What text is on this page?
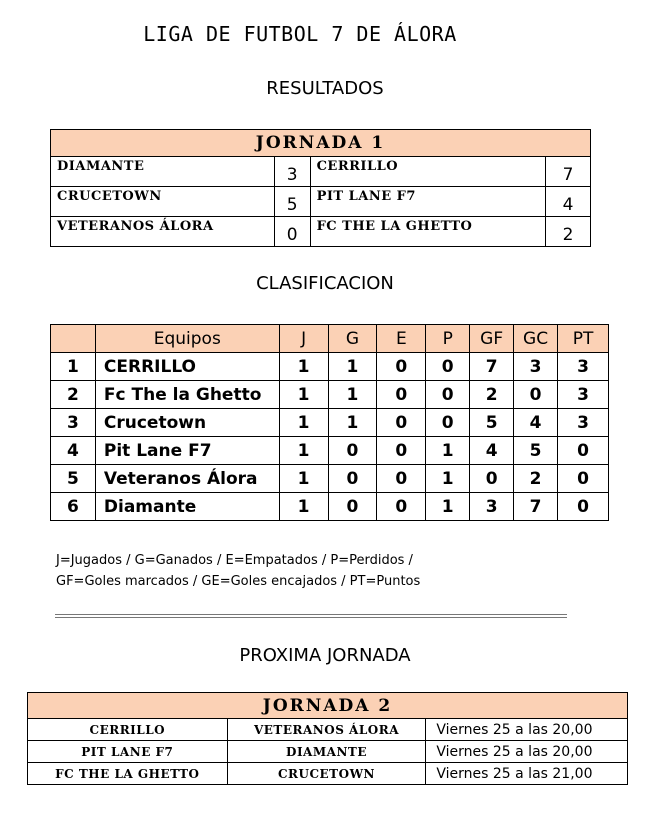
LIGA DE FUTBOL 7 DE ÁLORA
RESULTADOS
JORNADA 1			
DIAMANTE	3	CERRILLO	7
CRUCETOWN	5	PIT LANE F7	4
VETERANOS ÁLORA	0	FC THE LA GHETTO	2
CLASIFICACION
	Equipos	J	G	E	P	GF	GC	PT
1	CERRILLO	1	1	0	0	7	3	3
2	Fc The la Ghetto	1	1	0	0	2	0	3
3	Crucetown	1	1	0	0	5	4	3
4	Pit Lane F7	1	0	0	1	4	5	0
5	Veteranos Álora	1	0	0	1	0	2	0
6	Diamante	1	0	0	1	3	7	0
J=Jugados / G=Ganados / E=Empatados / P=Perdidos /
GF=Goles marcados / GE=Goles encajados / PT=Puntos
PROXIMA JORNADA
JORNADA 2		
CERRILLO	VETERANOS ÁLORA	Viernes 25 a las 20,00
PIT LANE F7	DIAMANTE	Viernes 25 a las 20,00
FC THE LA GHETTO	CRUCETOWN	Viernes 25 a las 21,00
